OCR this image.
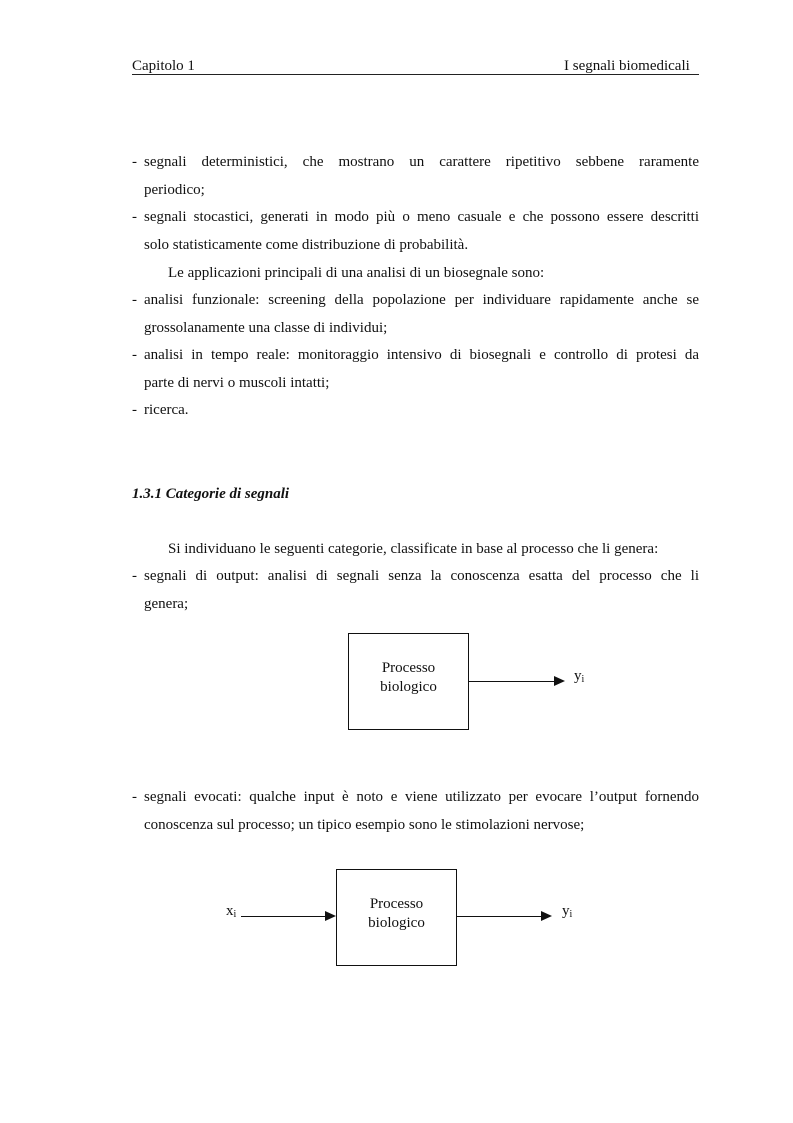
Capitolo 1	I segnali biomedicali
- segnali deterministici, che mostrano un carattere ripetitivo sebbene raramente
periodico;
- segnali stocastici, generati in modo più o meno casuale e che possono essere descritti
solo statisticamente come distribuzione di probabilità.
Le applicazioni principali di una analisi di un biosegnale sono:
- analisi funzionale: screening della popolazione per individuare rapidamente anche se
grossolanamente una classe di individui;
- analisi in tempo reale: monitoraggio intensivo di biosegnali e controllo di protesi da
parte di nervi o muscoli intatti;
- ricerca.
1.3.1 Categorie di segnali
Si individuano le seguenti categorie, classificate in base al processo che li genera:
- segnali di output: analisi di segnali senza la conoscenza esatta del processo che li
genera;
Processo
biologico
$y_i$
- segnali evocati: qualche input è noto e viene utilizzato per evocare l’output fornendo
conoscenza sul processo; un tipico esempio sono le stimolazioni nervose;
$x_i$
Processo
biologico
$y_i$
